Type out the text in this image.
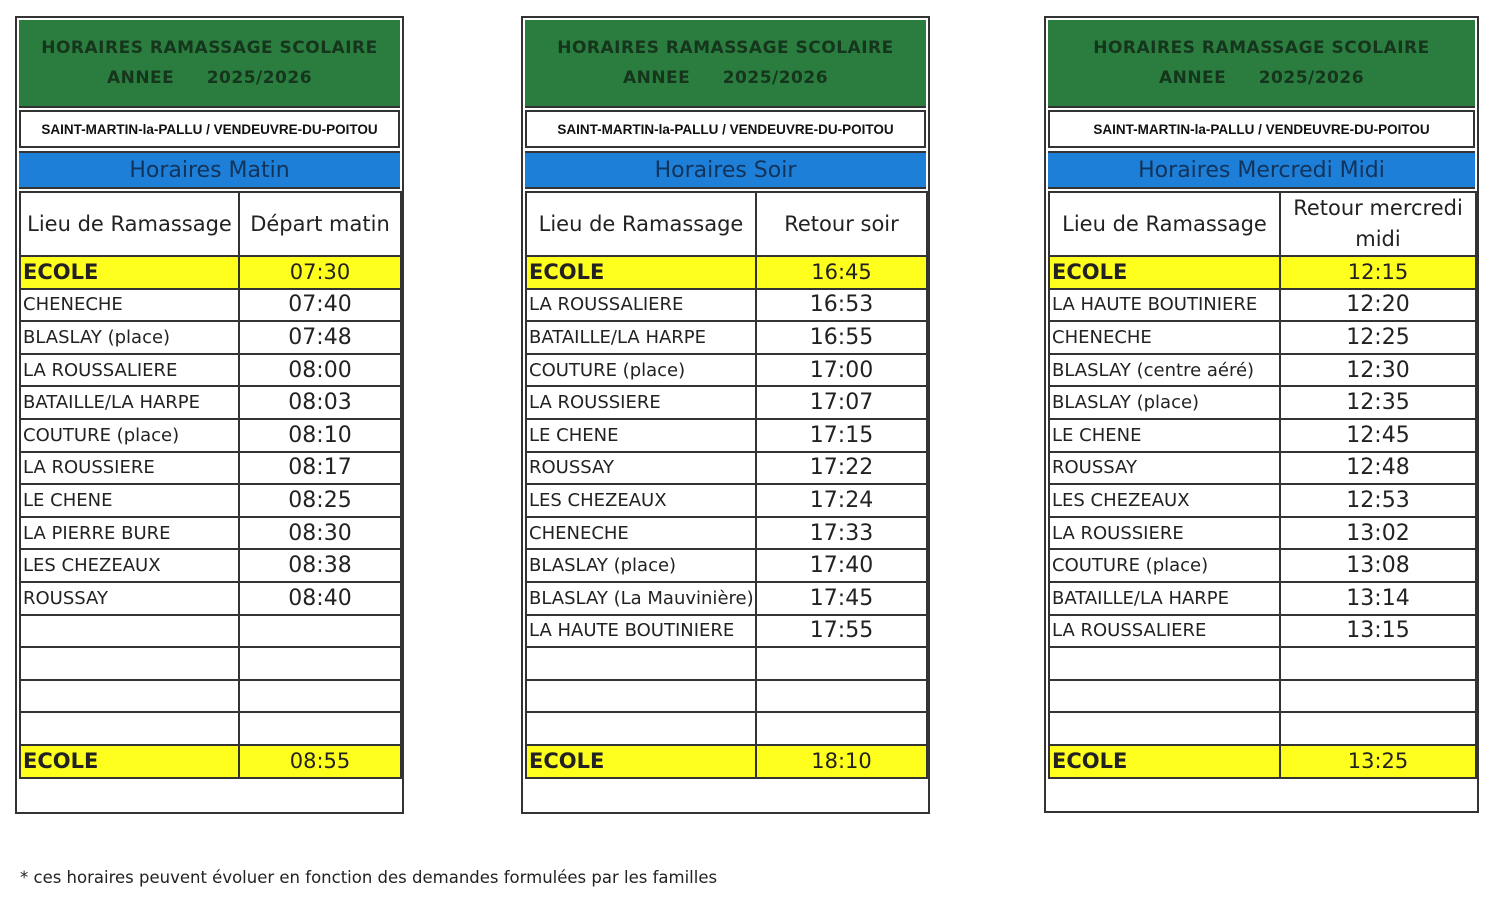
HORAIRES RAMASSAGE SCOLAIRE
ANNEE 2025/2026
SAINT-MARTIN-la-PALLU / VENDEUVRE-DU-POITOU
Horaires Matin
Lieu de Ramassage	Départ matin
ECOLE	07:30
CHENECHE	07:40
BLASLAY (place)	07:48
LA ROUSSALIERE	08:00
BATAILLE/LA HARPE	08:03
COUTURE (place)	08:10
LA ROUSSIERE	08:17
LE CHENE	08:25
LA PIERRE BURE	08:30
LES CHEZEAUX	08:38
ROUSSAY	08:40

ECOLE	08:55
HORAIRES RAMASSAGE SCOLAIRE
ANNEE 2025/2026
SAINT-MARTIN-la-PALLU / VENDEUVRE-DU-POITOU
Horaires Soir
Lieu de Ramassage	Retour soir
ECOLE	16:45
LA ROUSSALIERE	16:53
BATAILLE/LA HARPE	16:55
COUTURE (place)	17:00
LA ROUSSIERE	17:07
LE CHENE	17:15
ROUSSAY	17:22
LES CHEZEAUX	17:24
CHENECHE	17:33
BLASLAY (place)	17:40
BLASLAY (La Mauvinière)	17:45
LA HAUTE BOUTINIERE	17:55

ECOLE	18:10
HORAIRES RAMASSAGE SCOLAIRE
ANNEE 2025/2026
SAINT-MARTIN-la-PALLU / VENDEUVRE-DU-POITOU
Horaires Mercredi Midi
Lieu de Ramassage	Retour mercredi midi
ECOLE	12:15
LA HAUTE BOUTINIERE	12:20
CHENECHE	12:25
BLASLAY (centre aéré)	12:30
BLASLAY (place)	12:35
LE CHENE	12:45
ROUSSAY	12:48
LES CHEZEAUX	12:53
LA ROUSSIERE	13:02
COUTURE (place)	13:08
BATAILLE/LA HARPE	13:14
LA ROUSSALIERE	13:15

ECOLE	13:25
* ces horaires peuvent évoluer en fonction des demandes formulées par les familles
